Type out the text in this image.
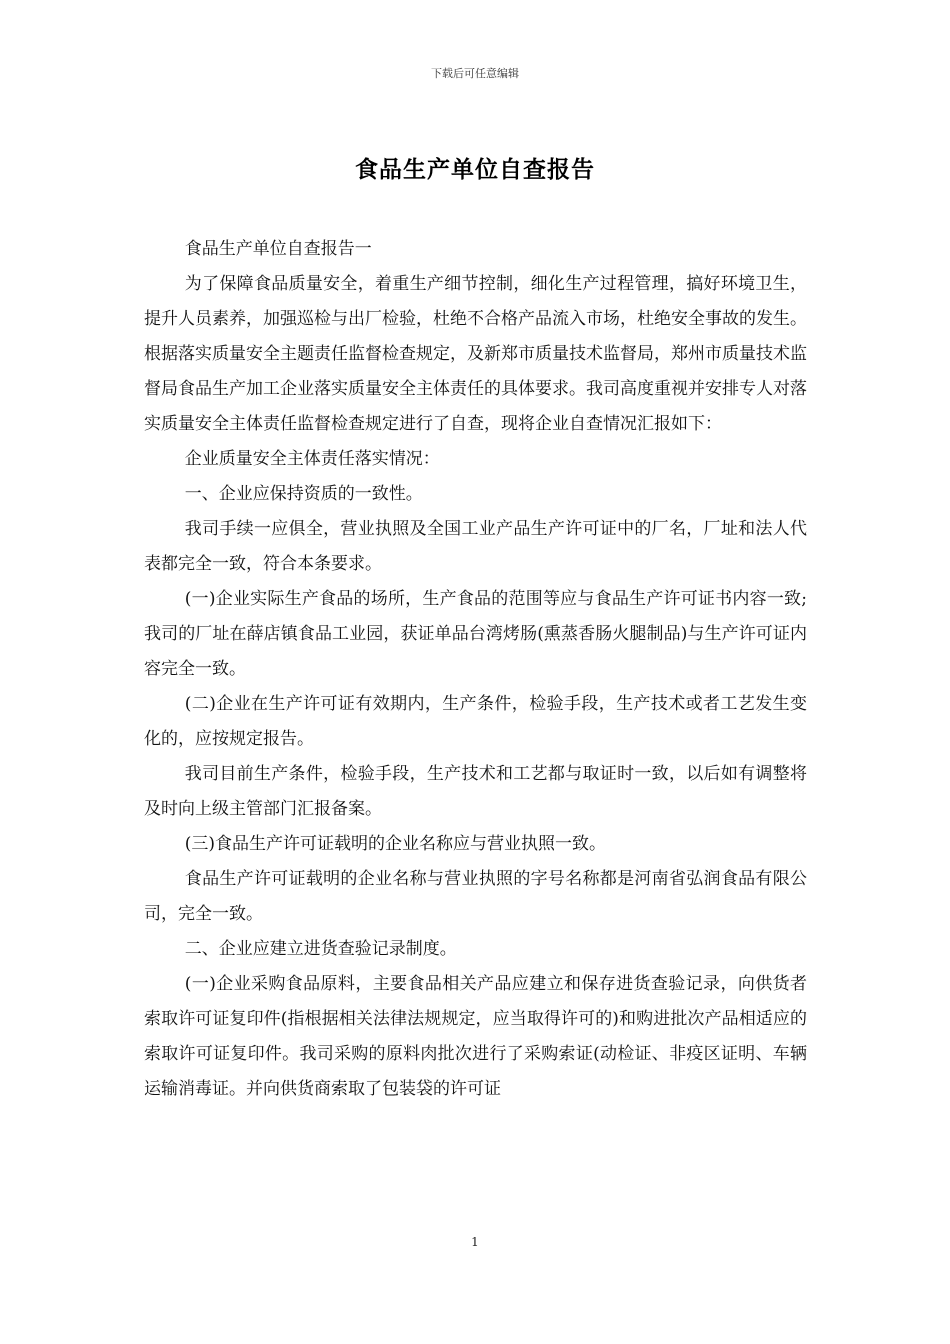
下载后可任意编辑
食品生产单位自查报告

食品生产单位自查报告一

为了保障食品质量安全，着重生产细节控制，细化生产过程管理，搞好环境卫生，提升人员素养，加强巡检与出厂检验，杜绝不合格产品流入市场，杜绝安全事故的发生。根据落实质量安全主题责任监督检查规定，及新郑市质量技术监督局，郑州市质量技术监督局食品生产加工企业落实质量安全主体责任的具体要求。我司高度重视并安排专人对落实质量安全主体责任监督检查规定进行了自查，现将企业自查情况汇报如下：

企业质量安全主体责任落实情况：

一、企业应保持资质的一致性。

我司手续一应俱全，营业执照及全国工业产品生产许可证中的厂名，厂址和法人代表都完全一致，符合本条要求。

(一)企业实际生产食品的场所，生产食品的范围等应与食品生产许可证书内容一致;我司的厂址在薛店镇食品工业园，获证单品台湾烤肠(熏蒸香肠火腿制品)与生产许可证内容完全一致。

(二)企业在生产许可证有效期内，生产条件，检验手段，生产技术或者工艺发生变化的，应按规定报告。

我司目前生产条件，检验手段，生产技术和工艺都与取证时一致，以后如有调整将及时向上级主管部门汇报备案。

(三)食品生产许可证载明的企业名称应与营业执照一致。

食品生产许可证载明的企业名称与营业执照的字号名称都是河南省弘润食品有限公司，完全一致。

二、企业应建立进货查验记录制度。

(一)企业采购食品原料，主要食品相关产品应建立和保存进货查验记录，向供货者索取许可证复印件(指根据相关法律法规规定，应当取得许可的)和购进批次产品相适应的索取许可证复印件。我司采购的原料肉批次进行了采购索证(动检证、非疫区证明、车辆运输消毒证。并向供货商索取了包装袋的许可证

1
